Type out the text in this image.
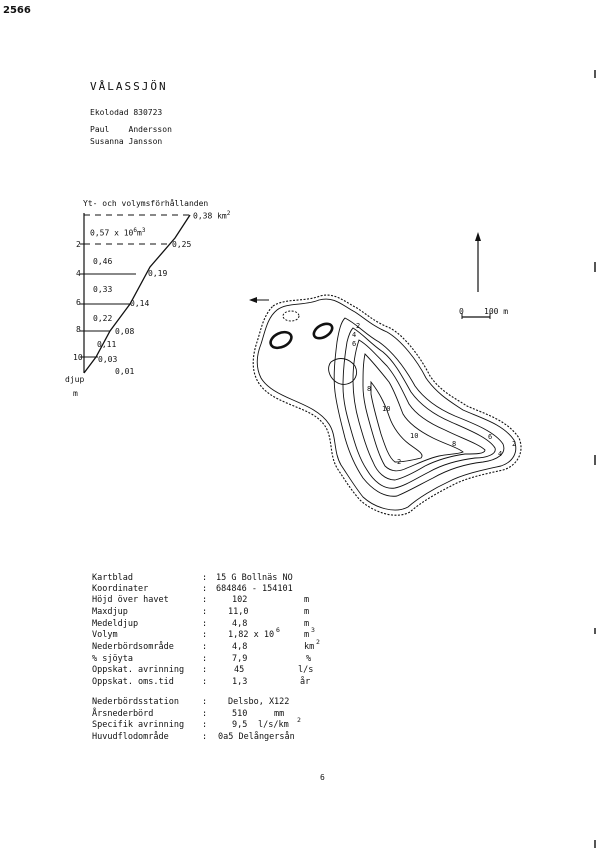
2566
VÅLASSJÖN
Ekolodad 830723
Paul    Andersson
Susanna Jansson
Yt- och volymsförhållanden
0,38 $km^2$
0,57 x $10^6m^3$
2
4
6
8
10
djup
m
0,46
0,33
0,22
0,11
0,03
0,25
0,19
0,14
0,08
0,01
0	100 m
2
4
6
8
10
10
8
6
4
2
2
Kartblad	: 15 G Bollnäs NO
Koordinater	: 684846 - 154101
Höjd över havet	:	102	m
Maxdjup	: 11,0	m
Medeldjup	:	4,8	m
Volym	: 1,82 x 10 6	m 3
Nederbördsområde	:	4,8	km 2
% sjöyta	:	7,9	%
Oppskat. avrinning :	45	l/s
Oppskat. oms.tid	:	1,3	år
Nederbördsstation	: Delsbo, X122
Årsnederbörd	:	510	mm
Specifik avrinning :	9,5 l/s/km 2
Huvudflodområde	: 0a5 Delångersån
6
